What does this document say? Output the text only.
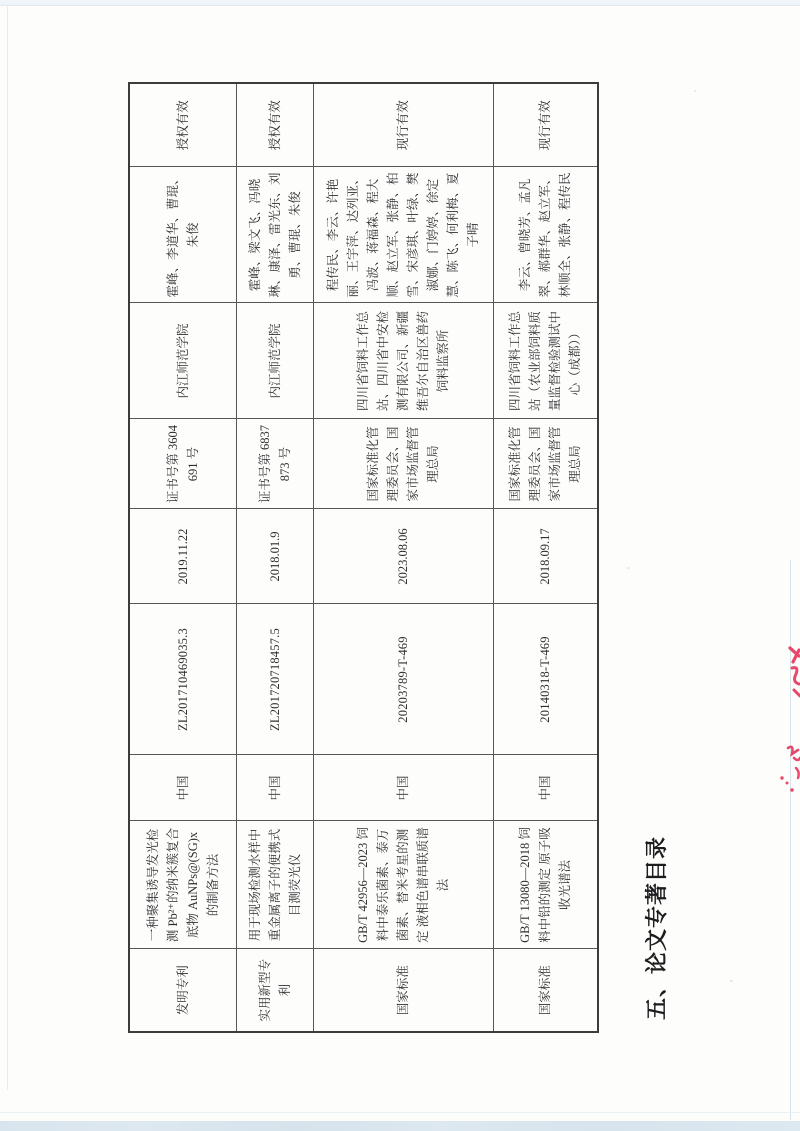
发明专利	一种聚集诱导发光检测 Pb²⁺的纳米簇复合底物 AuNPs@(SG)x 的制备方法	中国	ZL201710469035.3	2019.11.22	证书号第 3604691 号	内江师范学院	霍峰、李道华、曹琨、朱俊	授权有效
实用新型专利	用于现场检测水样中重金属离子的便携式目测荧光仪	中国	ZL201720718457.5	2018.01.9	证书号第 6837873 号	内江师范学院	霍峰、梁文飞、冯晓琳、康泽、雷光东、刘勇、曹琨、朱俊	授权有效
国家标准	GB/T 42956—2023 饲料中泰乐菌素、泰万菌素、替米考星的测定 液相色谱串联质谱法	中国	20203789-T-469	2023.08.06	国家标准化管理委员会、国家市场监督管理总局	四川省饲料工作总站、四川省中安检测有限公司、新疆维吾尔自治区兽药饲料监察所	程传民、李云、许艳丽、王宇萍、达列亚、冯波、蒋福森、程大顺、赵立军、张静、柏雪、宋彦琪、叶绿、樊淑娜、门婷婷、徐定慧、陈飞、何利梅、夏子晴	现行有效
国家标准	GB/T 13080—2018 饲料中铅的测定 原子吸收光谱法	中国	20140318-T-469	2018.09.17	国家标准化管理委员会、国家市场监督管理总局	四川省饲料工作总站（农业部饲料质量监督检验测试中心（成都））	李云、曾晓芳、孟凡翠、郝群华、赵立军、林顺全、张静、程传民	现行有效
五、论文专著目录
